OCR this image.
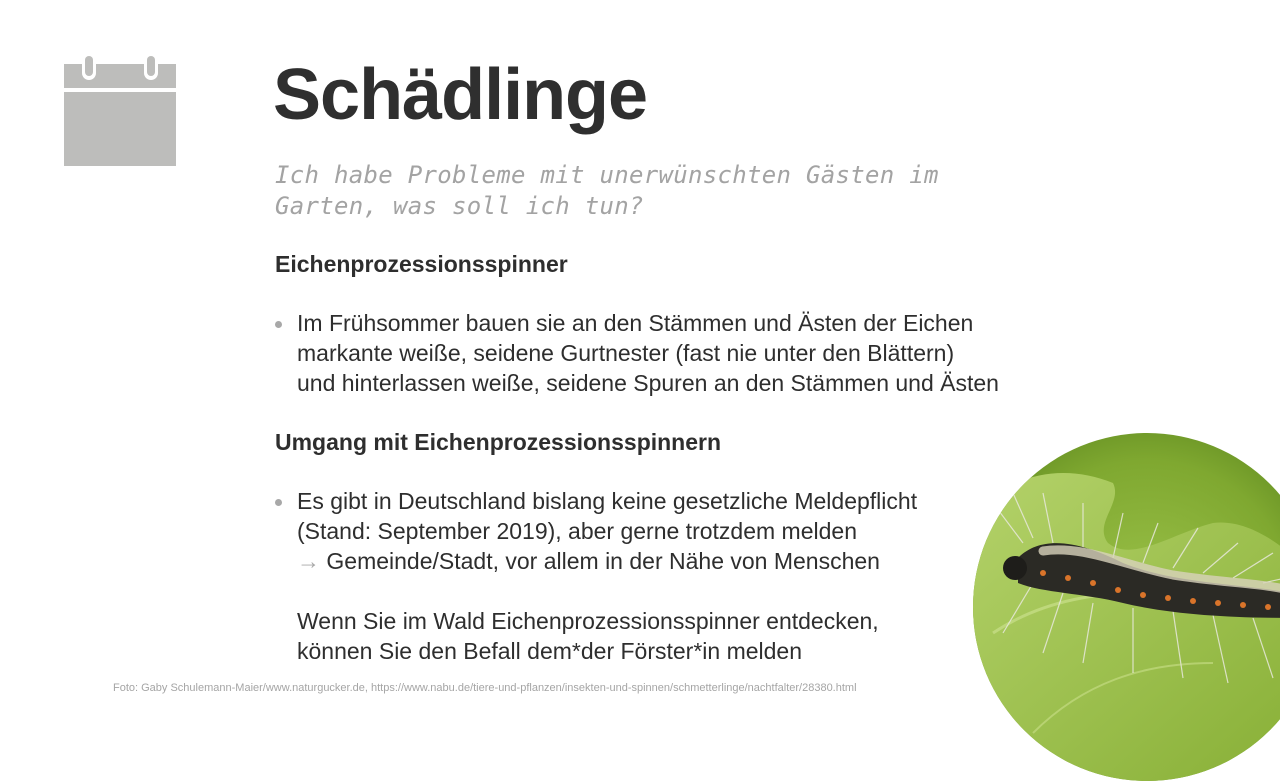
Schädlinge

Ich habe Probleme mit unerwünschten Gästen im Garten, was soll ich tun?

Eichenprozessionsspinner

Im Frühsommer bauen sie an den Stämmen und Ästen der Eichen
markante weiße, seidene Gurtnester (fast nie unter den Blättern)
und hinterlassen weiße, seidene Spuren an den Stämmen und Ästen

Umgang mit Eichenprozessionsspinnern

Es gibt in Deutschland bislang keine gesetzliche Meldepflicht
(Stand: September 2019), aber gerne trotzdem melden
→ Gemeinde/Stadt, vor allem in der Nähe von Menschen
Wenn Sie im Wald Eichenprozessionsspinner entdecken,
können Sie den Befall dem*der Förster*in melden
Foto: Gaby Schulemann-Maier/www.naturgucker.de, https://www.nabu.de/tiere-und-pflanzen/insekten-und-spinnen/schmetterlinge/nachtfalter/28380.html
